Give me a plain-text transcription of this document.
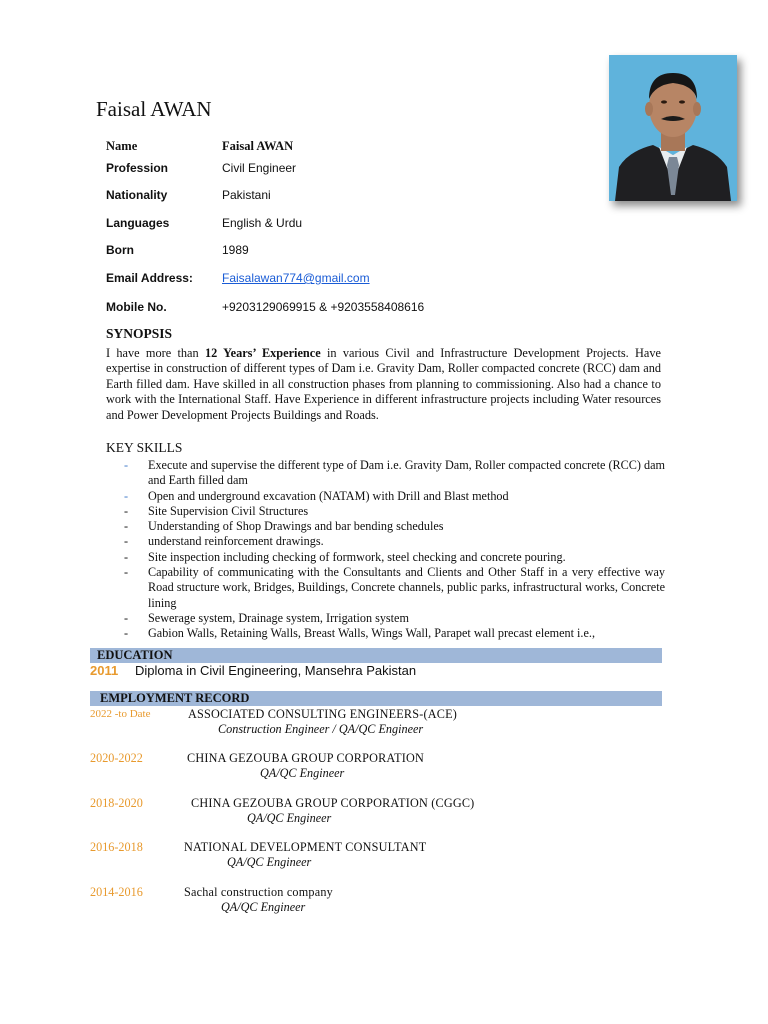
Faisal AWAN
Name	Faisal AWAN
Profession	Civil Engineer
Nationality	Pakistani
Languages	English & Urdu
Born	1989
Email Address: Faisalawan774@gmail.com
Mobile No.	+9203129069915 & +9203558408616
SYNOPSIS
I have more than 12 Years’ Experience in various Civil and Infrastructure Development Projects. Have expertise in construction of different types of Dam i.e. Gravity Dam, Roller compacted concrete (RCC) dam and Earth filled dam. Have skilled in all construction phases from planning to commissioning. Also had a chance to work with the International Staff. Have Experience in different infrastructure projects including Water resources and Power Development Projects Buildings and Roads.
KEY SKILLS
- Execute and supervise the different type of Dam i.e. Gravity Dam, Roller compacted concrete (RCC) dam and Earth filled dam
- Open and underground excavation (NATAM) with Drill and Blast method
- Site Supervision Civil Structures
- Understanding of Shop Drawings and bar bending schedules
- understand reinforcement drawings.
- Site inspection including checking of formwork, steel checking and concrete pouring.
- Capability of communicating with the Consultants and Clients and Other Staff in a very effective way Road structure work, Bridges, Buildings, Concrete channels, public parks, infrastructural works, Concrete lining
- Sewerage system, Drainage system, Irrigation system
- Gabion Walls, Retaining Walls, Breast Walls, Wings Wall, Parapet wall precast element i.e.,
EDUCATION
2011 Diploma in Civil Engineering, Mansehra Pakistan
EMPLOYMENT RECORD
2022 -to Date	ASSOCIATED CONSULTING ENGINEERS-(ACE)
Construction Engineer / QA/QC Engineer
2020-2022	CHINA GEZOUBA GROUP CORPORATION
QA/QC Engineer
2018-2020	CHINA GEZOUBA GROUP CORPORATION (CGGC)
QA/QC Engineer
2016-2018	NATIONAL DEVELOPMENT CONSULTANT
QA/QC Engineer
2014-2016	Sachal construction company
QA/QC Engineer
